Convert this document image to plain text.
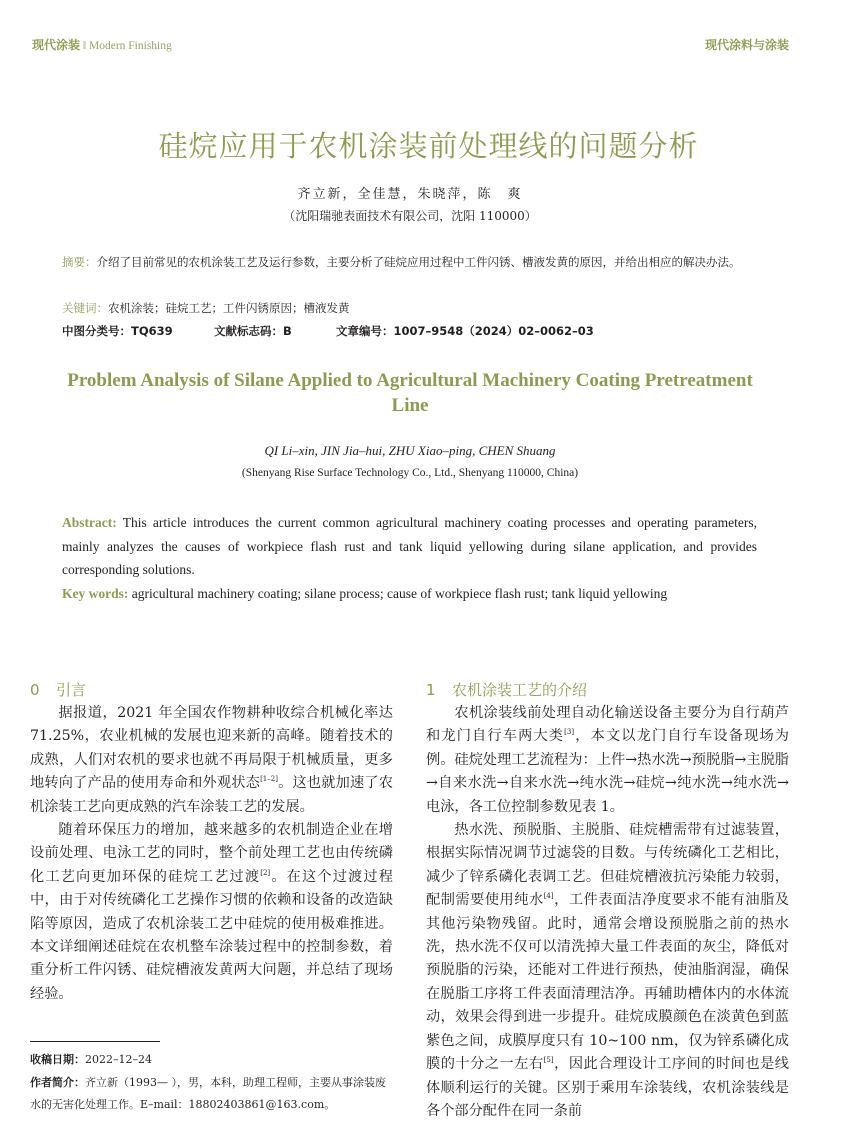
现代涂装 ‖ Modern Finishing	现代涂料与涂装
硅烷应用于农机涂装前处理线的问题分析
齐立新，全佳慧，朱晓萍，陈　爽
（沈阳瑞驰表面技术有限公司，沈阳 110000）
摘要：介绍了目前常见的农机涂装工艺及运行参数，主要分析了硅烷应用过程中工件闪锈、槽液发黄的原因，并给出相应的解决办法。
关键词：农机涂装；硅烷工艺；工件闪锈原因；槽液发黄
中图分类号：TQ639	文献标志码：B	文章编号：1007–9548（2024）02–0062–03
Problem Analysis of Silane Applied to Agricultural Machinery Coating Pretreatment Line
QI Li–xin, JIN Jia–hui, ZHU Xiao–ping, CHEN Shuang
(Shenyang Rise Surface Technology Co., Ltd., Shenyang 110000, China)
Abstract: This article introduces the current common agricultural machinery coating processes and operating parameters, mainly analyzes the causes of workpiece flash rust and tank liquid yellowing during silane application, and provides corresponding solutions.
Key words: agricultural machinery coating; silane process; cause of workpiece flash rust; tank liquid yellowing
0 引言

据报道，2021 年全国农作物耕种收综合机械化率达 71.25%，农业机械的发展也迎来新的高峰。随着技术的成熟，人们对农机的要求也就不再局限于机械质量，更多地转向了产品的使用寿命和外观状态[1–2]。这也就加速了农机涂装工艺向更成熟的汽车涂装工艺的发展。

随着环保压力的增加，越来越多的农机制造企业在增设前处理、电泳工艺的同时，整个前处理工艺也由传统磷化工艺向更加环保的硅烷工艺过渡[2]。在这个过渡过程中，由于对传统磷化工艺操作习惯的依赖和设备的改造缺陷等原因，造成了农机涂装工艺中硅烷的使用极难推进。本文详细阐述硅烷在农机整车涂装过程中的控制参数，着重分析工件闪锈、硅烷槽液发黄两大问题，并总结了现场经验。

1 农机涂装工艺的介绍

农机涂装线前处理自动化输送设备主要分为自行葫芦和龙门自行车两大类[3]，本文以龙门自行车设备现场为例。硅烷处理工艺流程为：上件→热水洗→预脱脂→主脱脂→自来水洗→自来水洗→纯水洗→硅烷→纯水洗→纯水洗→电泳，各工位控制参数见表 1。

热水洗、预脱脂、主脱脂、硅烷槽需带有过滤装置，根据实际情况调节过滤袋的目数。与传统磷化工艺相比，减少了锌系磷化表调工艺。但硅烷槽液抗污染能力较弱，配制需要使用纯水[4]，工件表面洁净度要求不能有油脂及其他污染物残留。此时，通常会增设预脱脂之前的热水洗，热水洗不仅可以清洗掉大量工件表面的灰尘，降低对预脱脂的污染，还能对工件进行预热，使油脂润湿，确保在脱脂工序将工件表面清理洁净。再辅助槽体内的水体流动，效果会得到进一步提升。硅烷成膜颜色在淡黄色到蓝紫色之间，成膜厚度只有 10~100 nm，仅为锌系磷化成膜的十分之一左右[5]，因此合理设计工序间的时间也是线体顺利运行的关键。区别于乘用车涂装线，农机涂装线是各个部分配件在同一条前

收稿日期：2022–12–24
作者简介：齐立新（1993— ），男，本科，助理工程师，主要从事涂装废水的无害化处理工作。E–mail：18802403861@163.com。
